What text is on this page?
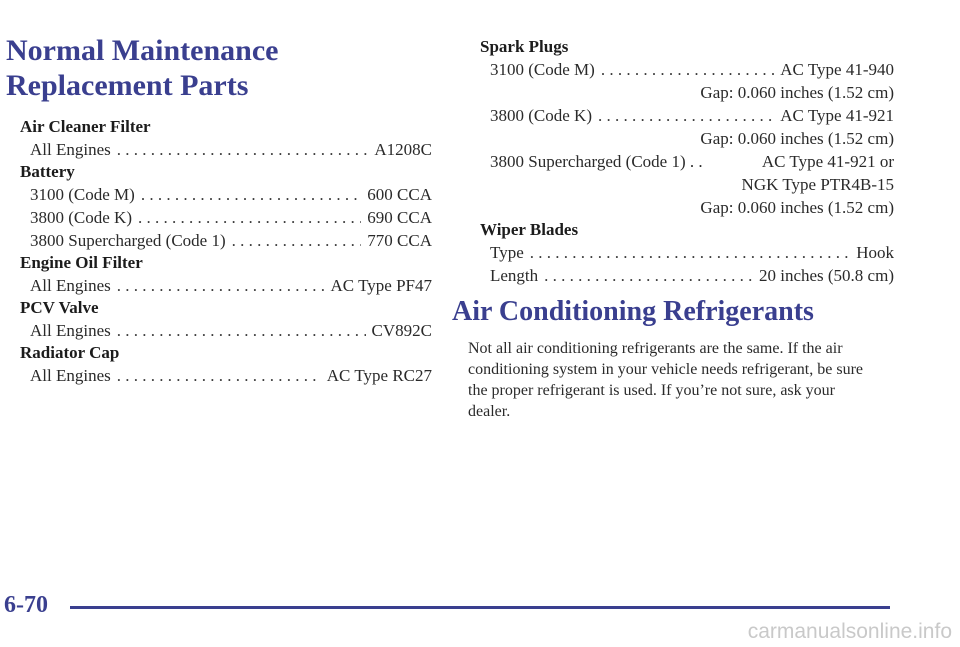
Normal Maintenance
Replacement Parts
Air Cleaner Filter
All Engines . . .	A1208C
Battery
3100 (Code M) . . .	600 CCA
3800 (Code K) . . .	690 CCA
3800 Supercharged (Code 1) . . .	770 CCA
Engine Oil Filter
All Engines . . .	AC Type PF47
PCV Valve
All Engines . . .	CV892C
Radiator Cap
All Engines . . .	AC Type RC27
Spark Plugs
3100 (Code M) . . .	AC Type 41-940
Gap: 0.060 inches (1.52 cm)
3800 (Code K) . . .	AC Type 41-921
Gap: 0.060 inches (1.52 cm)
3800 Supercharged (Code 1) . .	AC Type 41-921 or
NGK Type PTR4B-15
Gap: 0.060 inches (1.52 cm)
Wiper Blades
Type . . .	Hook
Length . . .	20 inches (50.8 cm)
Air Conditioning Refrigerants

Not all air conditioning refrigerants are the same. If the air conditioning system in your vehicle needs refrigerant, be sure the proper refrigerant is used. If you’re not sure, ask your dealer.

6-70
carmanualsonline.info
